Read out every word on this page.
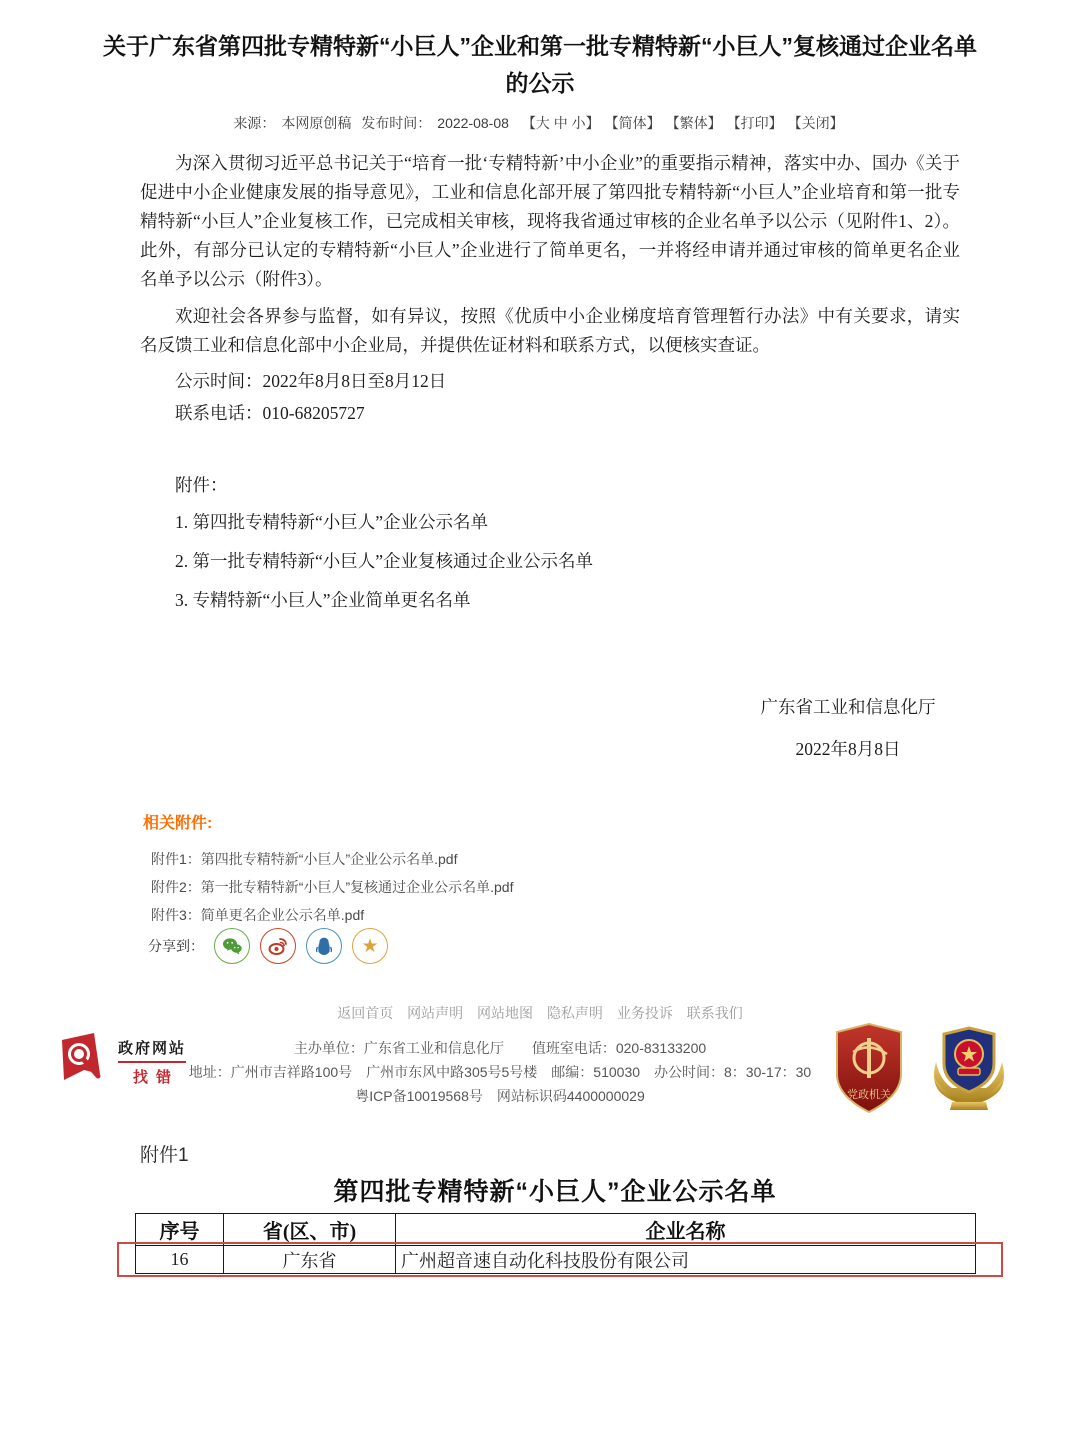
关于广东省第四批专精特新“小巨人”企业和第一批专精特新“小巨人”复核通过企业名单的公示
来源： 本网原创稿 发布时间： 2022-08-08 【大 中 小】 【简体】 【繁体】 【打印】 【关闭】

为深入贯彻习近平总书记关于“培育一批‘专精特新’中小企业”的重要指示精神，落实中办、国办《关于促进中小企业健康发展的指导意见》，工业和信息化部开展了第四批专精特新“小巨人”企业培育和第一批专精特新“小巨人”企业复核工作，已完成相关审核，现将我省通过审核的企业名单予以公示（见附件1、2）。此外，有部分已认定的专精特新“小巨人”企业进行了简单更名，一并将经申请并通过审核的简单更名企业名单予以公示（附件3）。

欢迎社会各界参与监督，如有异议，按照《优质中小企业梯度培育管理暂行办法》中有关要求，请实名反馈工业和信息化部中小企业局，并提供佐证材料和联系方式，以便核实查证。

公示时间：2022年8月8日至8月12日

联系电话：010-68205727

附件：

1. 第四批专精特新“小巨人”企业公示名单

2. 第一批专精特新“小巨人”企业复核通过企业公示名单

3. 专精特新“小巨人”企业简单更名名单

广东省工业和信息化厅
2022年8月8日
相关附件:
附件1：第四批专精特新“小巨人”企业公示名单.pdf
附件2：第一批专精特新“小巨人”复核通过企业公示名单.pdf
附件3：简单更名企业公示名单.pdf
分享到：	★
返回首页 网站声明 网站地图 隐私声明 业务投诉 联系我们
主办单位：广东省工业和信息化厅　　值班室电话：020-83133200
地址：广州市吉祥路100号　广州市东风中路305号5号楼　邮编：510030　办公时间：8：30-17：30
粤ICP备10019568号　网站标识码4400000029
政府网站
找错
党政机关
附件1
第四批专精特新“小巨人”企业公示名单
序号	省(区、市)	企业名称
16	广东省	广州超音速自动化科技股份有限公司
